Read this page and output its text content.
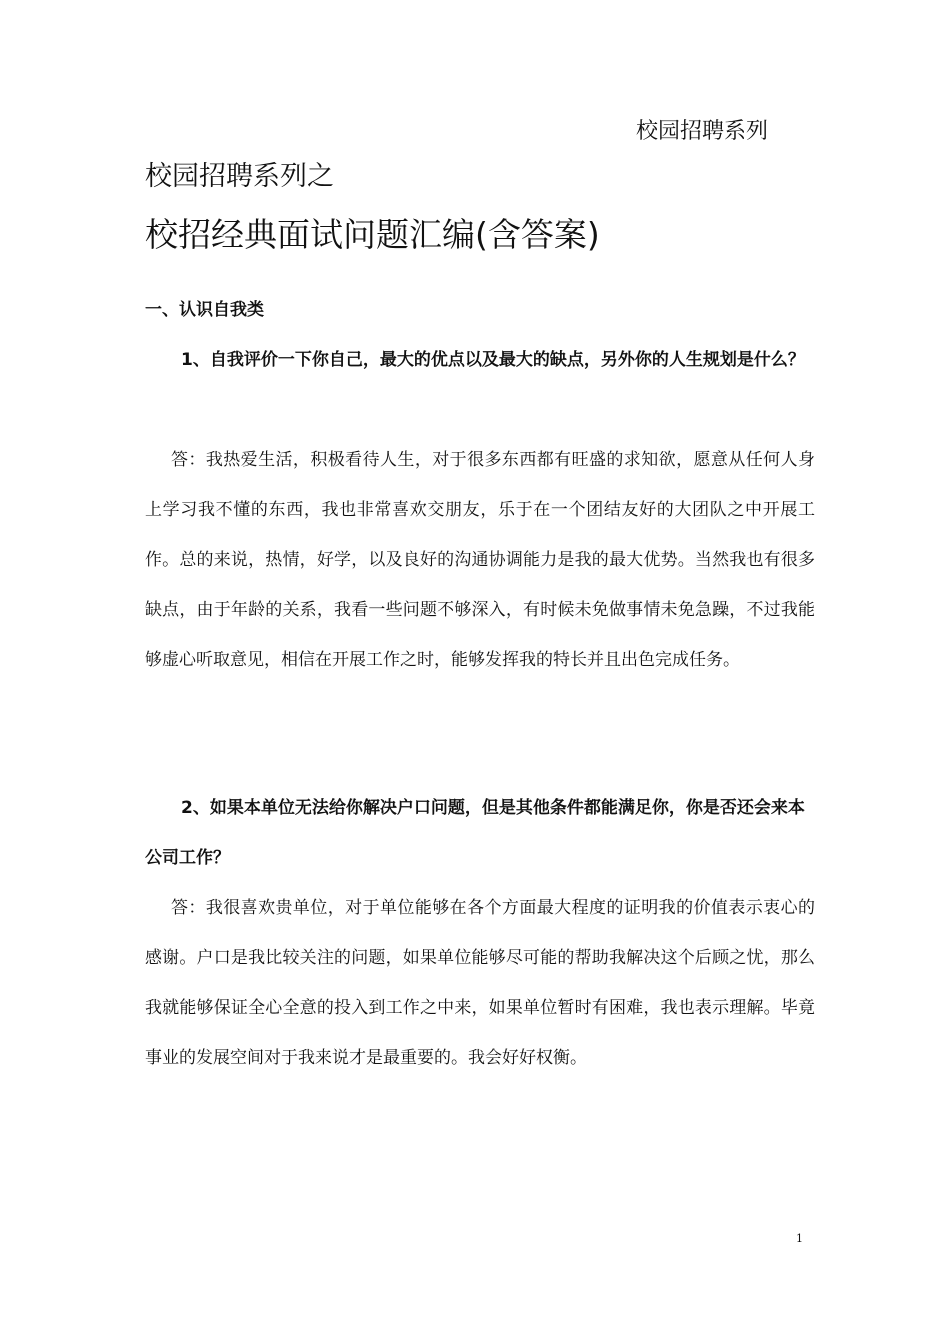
校园招聘系列
校园招聘系列之
校招经典面试问题汇编(含答案)
一、认识自我类

1、自我评价一下你自己，最大的优点以及最大的缺点，另外你的人生规划是什么？

答：我热爱生活，积极看待人生，对于很多东西都有旺盛的求知欲，愿意从任何人身上学习我不懂的东西，我也非常喜欢交朋友，乐于在一个团结友好的大团队之中开展工作。总的来说，热情，好学，以及良好的沟通协调能力是我的最大优势。当然我也有很多缺点，由于年龄的关系，我看一些问题不够深入，有时候未免做事情未免急躁，不过我能够虚心听取意见，相信在开展工作之时，能够发挥我的特长并且出色完成任务。

2、如果本单位无法给你解决户口问题，但是其他条件都能满足你，你是否还会来本公司工作？

答：我很喜欢贵单位，对于单位能够在各个方面最大程度的证明我的价值表示衷心的感谢。户口是我比较关注的问题，如果单位能够尽可能的帮助我解决这个后顾之忧，那么我就能够保证全心全意的投入到工作之中来，如果单位暂时有困难，我也表示理解。毕竟事业的发展空间对于我来说才是最重要的。我会好好权衡。

1
